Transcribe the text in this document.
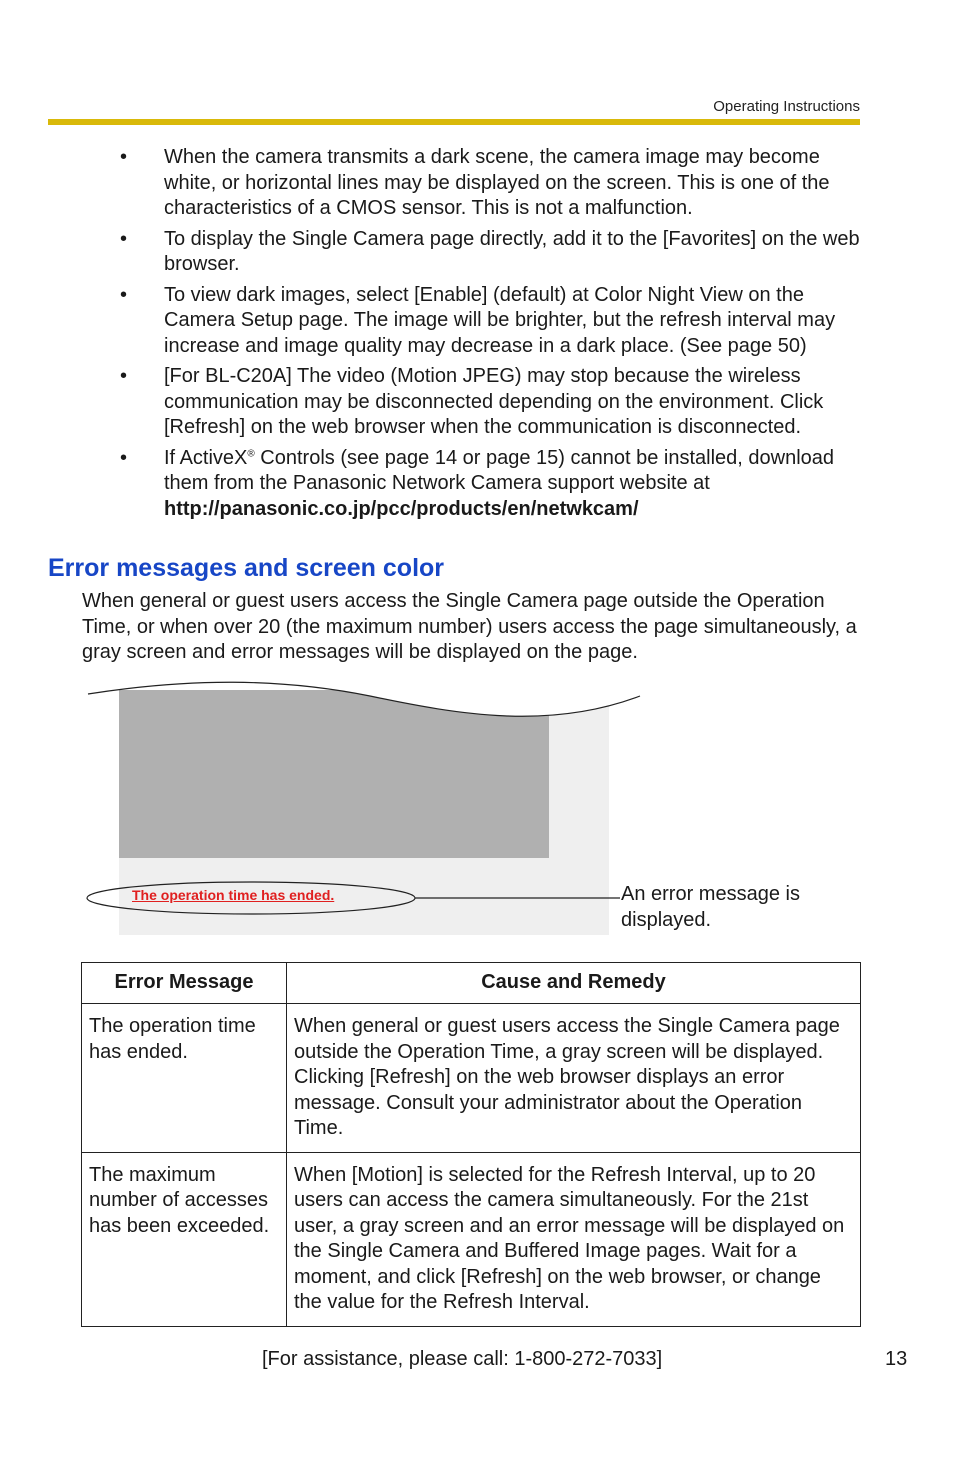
Operating Instructions
• When the camera transmits a dark scene, the camera image may become white, or horizontal lines may be displayed on the screen. This is one of the characteristics of a CMOS sensor. This is not a malfunction.
• To display the Single Camera page directly, add it to the [Favorites] on the web browser.
• To view dark images, select [Enable] (default) at Color Night View on the Camera Setup page. The image will be brighter, but the refresh interval may increase and image quality may decrease in a dark place. (See page 50)
• [For BL-C20A] The video (Motion JPEG) may stop because the wireless communication may be disconnected depending on the environment. Click [Refresh] on the web browser when the communication is disconnected.
• If ActiveX® Controls (see page 14 or page 15) cannot be installed, download them from the Panasonic Network Camera support website at
http://panasonic.co.jp/pcc/products/en/netwkcam/
Error messages and screen color

When general or guest users access the Single Camera page outside the Operation Time, or when over 20 (the maximum number) users access the page simultaneously, a gray screen and error messages will be displayed on the page.

The operation time has ended.	An error message is displayed.
Error Message	Cause and Remedy
The operation time has ended.	When general or guest users access the Single Camera page outside the Operation Time, a gray screen will be displayed. Clicking [Refresh] on the web browser displays an error message. Consult your administrator about the Operation Time.
The maximum number of accesses has been exceeded.	When [Motion] is selected for the Refresh Interval, up to 20 users can access the camera simultaneously. For the 21st user, a gray screen and an error message will be displayed on the Single Camera and Buffered Image pages. Wait for a moment, and click [Refresh] on the web browser, or change the value for the Refresh Interval.
[For assistance, please call: 1-800-272-7033]	13
